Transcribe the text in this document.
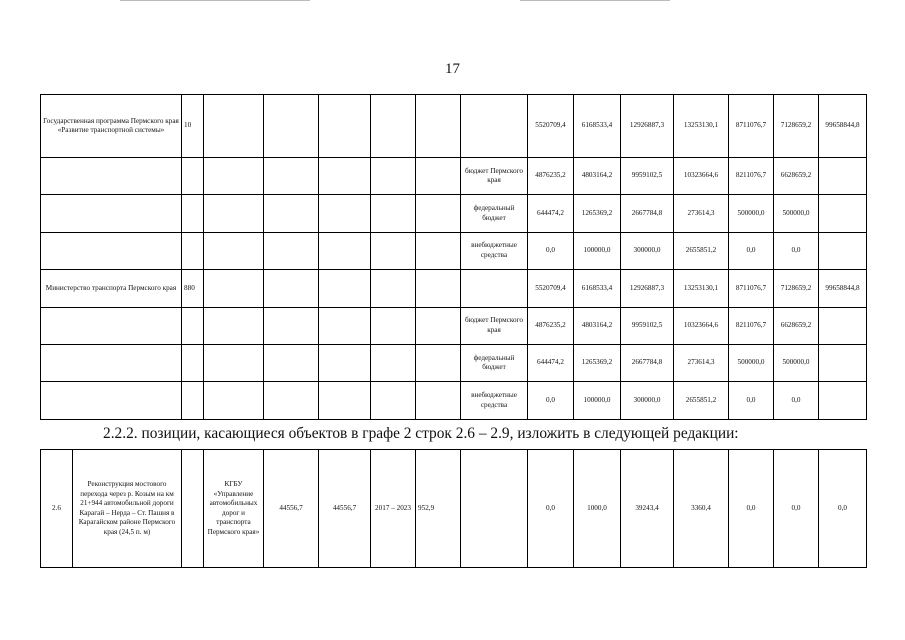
17
Государственная программа Пермского края «Развитие транспортной системы»	10							5520709,4	6168533,4	12926887,3	13253130,1	8711076,7	7128659,2	99658844,8
							бюджет Пермского края	4876235,2	4803164,2	9959102,5	10323664,6	8211076,7	6628659,2	
							федеральный бюджет	644474,2	1265369,2	2667784,8	273614,3	500000,0	500000,0	
							внебюджетные средства	0,0	100000,0	300000,0	2655851,2	0,0	0,0	
Министерство транспорта Пермского края	880							5520709,4	6168533,4	12926887,3	13253130,1	8711076,7	7128659,2	99658844,8
							бюджет Пермского края	4876235,2	4803164,2	9959102,5	10323664,6	8211076,7	6628659,2	
							федеральный бюджет	644474,2	1265369,2	2667784,8	273614,3	500000,0	500000,0	
							внебюджетные средства	0,0	100000,0	300000,0	2655851,2	0,0	0,0	
2.2.2. позиции, касающиеся объектов в графе 2 строк 2.6 – 2.9, изложить в следующей редакции:
2.6	Реконструкция мостового перехода через р. Козым на км 21+944 автомобильной дороги Карагай – Нерда – Ст. Пашня в Карагайском районе Пермского края (24,5 п. м)		КГБУ «Управление автомобильных дорог и транспорта Пермского края»	44556,7	44556,7	2017 – 2023	952,9		0,0	1000,0	39243,4	3360,4	0,0	0,0	0,0
